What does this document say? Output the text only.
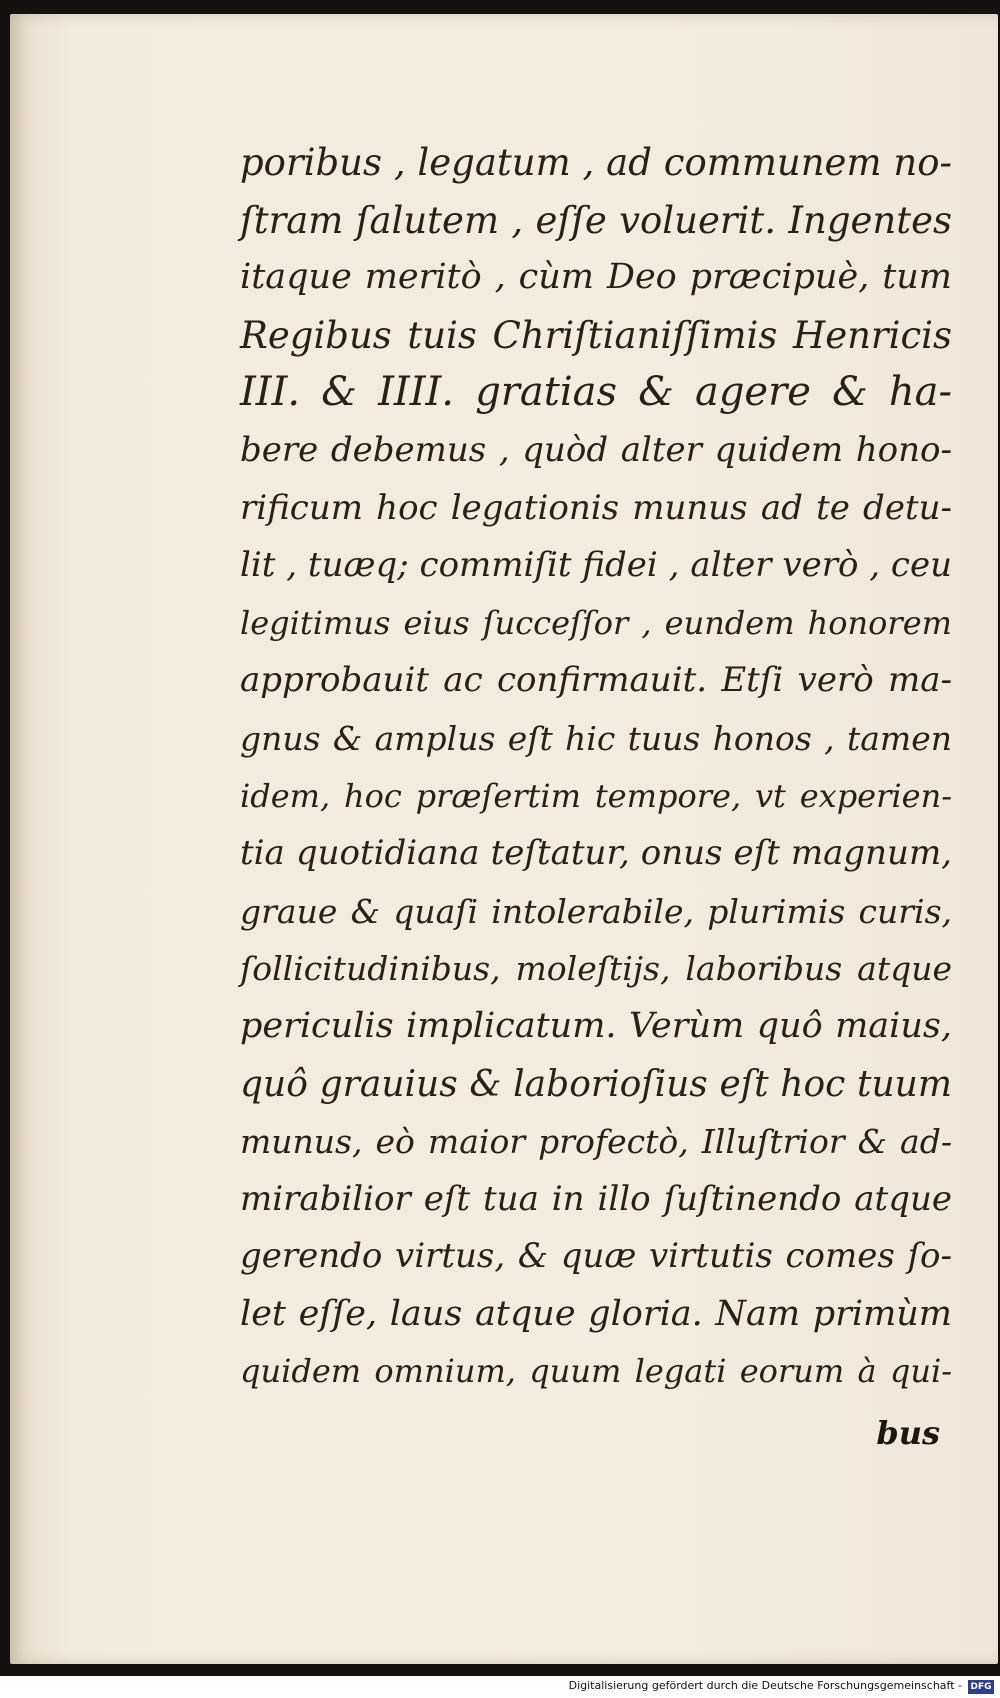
poribus , legatum , ad communem no-
ſtram ſalutem , eſſe voluerit. Ingentes
itaque meritò , cùm Deo præcipuè, tum
Regibus tuis Chriſtianiſſimis Henricis
III. & IIII. gratias & agere & ha-
bere debemus , quòd alter quidem hono-
rificum hoc legationis munus ad te detu-
lit , tuæq; commiſit fidei , alter verò , ceu
legitimus eius ſucceſſor , eundem honorem
approbauit ac confirmauit. Etſi verò ma-
gnus & amplus eſt hic tuus honos , tamen
idem, hoc præſertim tempore, vt experien-
tia quotidiana teſtatur, onus eſt magnum,
graue & quaſi intolerabile, plurimis curis,
ſollicitudinibus, moleſtijs, laboribus atque
periculis implicatum. Verùm quô maius,
quô grauius & laborioſius eſt hoc tuum
munus, eò maior profectò, Illuſtrior & ad-
mirabilior eſt tua in illo ſuſtinendo atque
gerendo virtus, & quæ virtutis comes ſo-
let eſſe, laus atque gloria. Nam primùm
quidem omnium, quum legati eorum à qui-
bus
Digitalisierung gefördert durch die Deutsche Forschungsgemeinschaft - DFG
